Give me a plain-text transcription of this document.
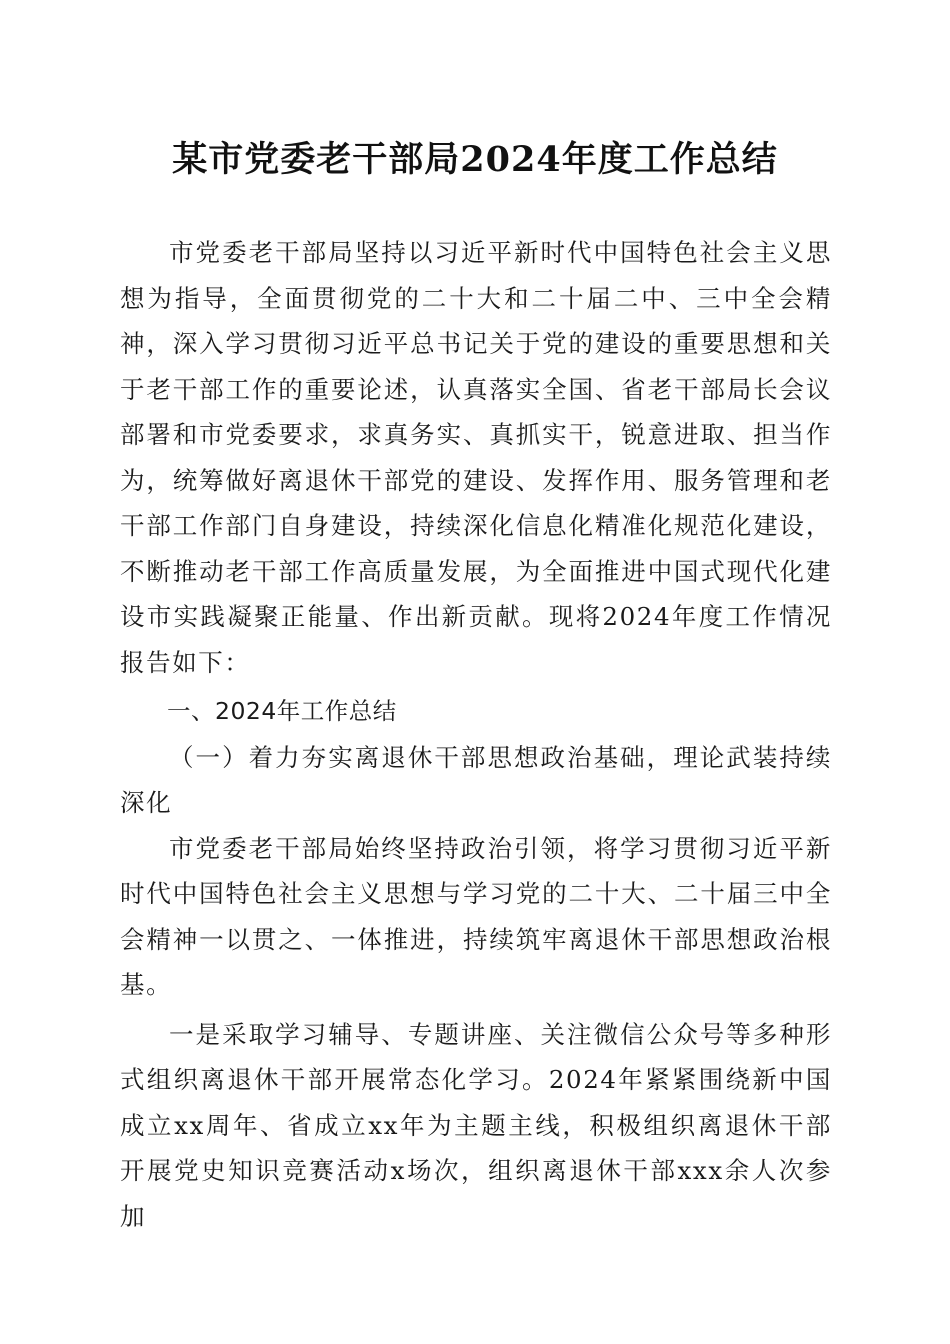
某市党委老干部局2024年度工作总结

市党委老干部局坚持以习近平新时代中国特色社会主义思想为指导，全面贯彻党的二十大和二十届二中、三中全会精神，深入学习贯彻习近平总书记关于党的建设的重要思想和关于老干部工作的重要论述，认真落实全国、省老干部局长会议部署和市党委要求，求真务实、真抓实干，锐意进取、担当作为，统筹做好离退休干部党的建设、发挥作用、服务管理和老干部工作部门自身建设，持续深化信息化精准化规范化建设，不断推动老干部工作高质量发展，为全面推进中国式现代化建设市实践凝聚正能量、作出新贡献。现将2024年度工作情况报告如下：

一、2024年工作总结

（一）着力夯实离退休干部思想政治基础，理论武装持续深化

市党委老干部局始终坚持政治引领，将学习贯彻习近平新时代中国特色社会主义思想与学习党的二十大、二十届三中全会精神一以贯之、一体推进，持续筑牢离退休干部思想政治根基。

一是采取学习辅导、专题讲座、关注微信公众号等多种形式组织离退休干部开展常态化学习。2024年紧紧围绕新中国成立xx周年、省成立xx年为主题主线，积极组织离退休干部开展党史知识竞赛活动x场次，组织离退休干部xxx余人次参加
